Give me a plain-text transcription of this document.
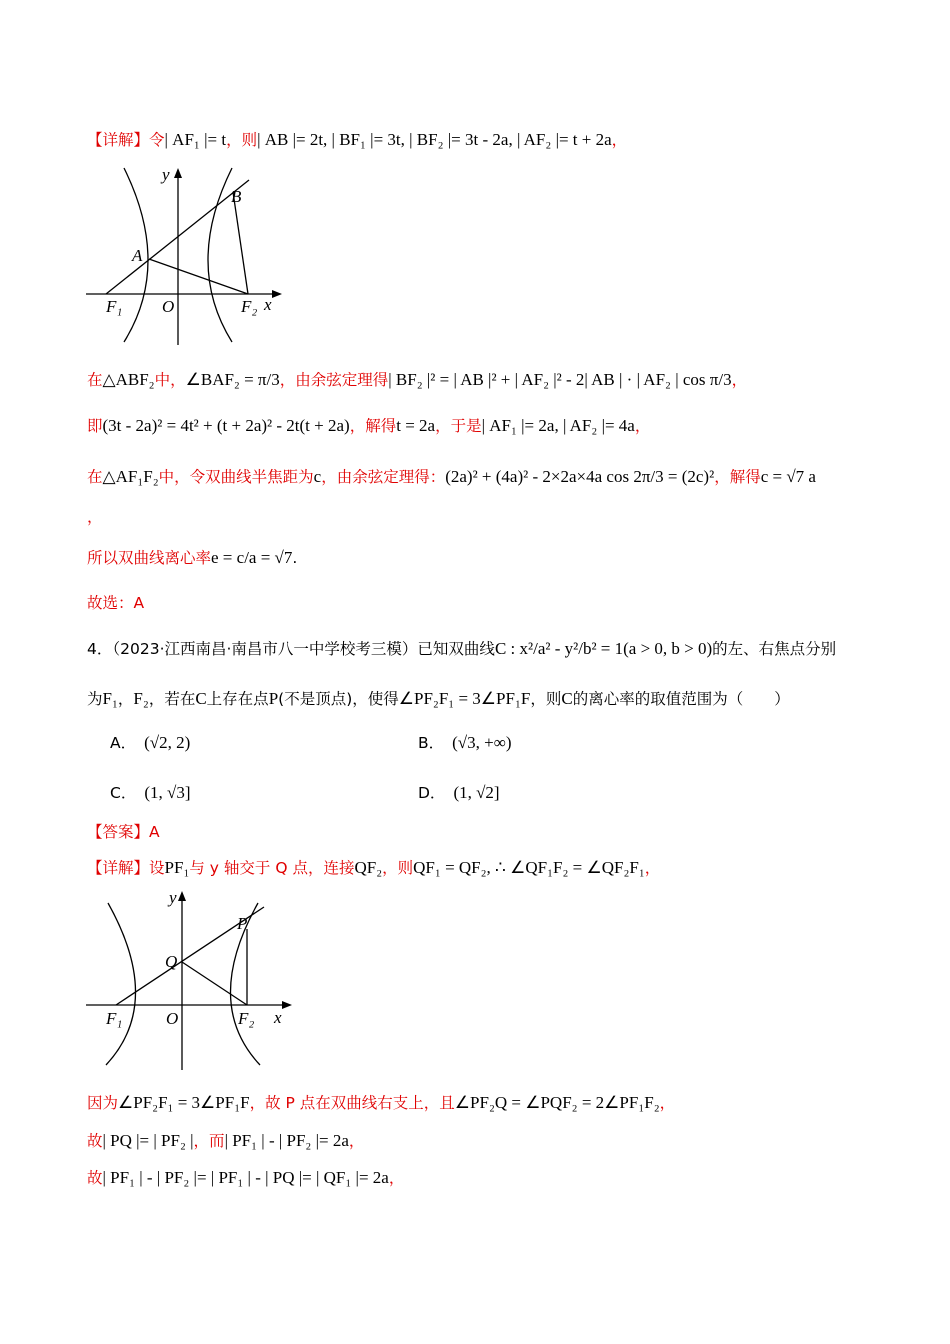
【详解】令| AF₁ |= t，则| AB |= 2t, | BF₁ |= 3t, | BF₂ |= 3t - 2a, | AF₂ |= t + 2a，
y
B
A
F₁ O	F₂ x
在△ABF₂中，∠BAF₂ = π/3，由余弦定理得| BF₂ |² = | AB |² + | AF₂ |² - 2| AB | · | AF₂ | cos π/3，
即(3t - 2a)² = 4t² + (t + 2a)² - 2t(t + 2a)，解得t = 2a，于是| AF₁ |= 2a, | AF₂ |= 4a，
在△AF₁F₂中，令双曲线半焦距为c，由余弦定理得：(2a)² + (4a)² - 2×2a×4a cos 2π/3 = (2c)²，解得c = √7 a
，
所以双曲线离心率e = c/a = √7.
故选：A
4．（2023·江西南昌·南昌市八一中学校考三模）已知双曲线C : x²/a² - y²/b² = 1(a > 0, b > 0)的左、右焦点分别
为F₁，F₂，若在C上存在点P(不是顶点)，使得∠PF₂F₁ = 3∠PF₁F，则C的离心率的取值范围为（　　）
A． (√2, 2)	B． (√3, +∞)
C． (1, √3]	D． (1, √2]
【答案】A
【详解】设PF₁与 y 轴交于 Q 点，连接QF₂，则QF₁ = QF₂, ∴ ∠QF₁F₂ = ∠QF₂F₁，
y
P
Q
F₁	O	F₂ x
因为∠PF₂F₁ = 3∠PF₁F，故 P 点在双曲线右支上，且∠PF₂Q = ∠PQF₂ = 2∠PF₁F₂，
故| PQ |= | PF₂ |，而| PF₁ | - | PF₂ |= 2a，
故| PF₁ | - | PF₂ |= | PF₁ | - | PQ |= | QF₁ |= 2a，
